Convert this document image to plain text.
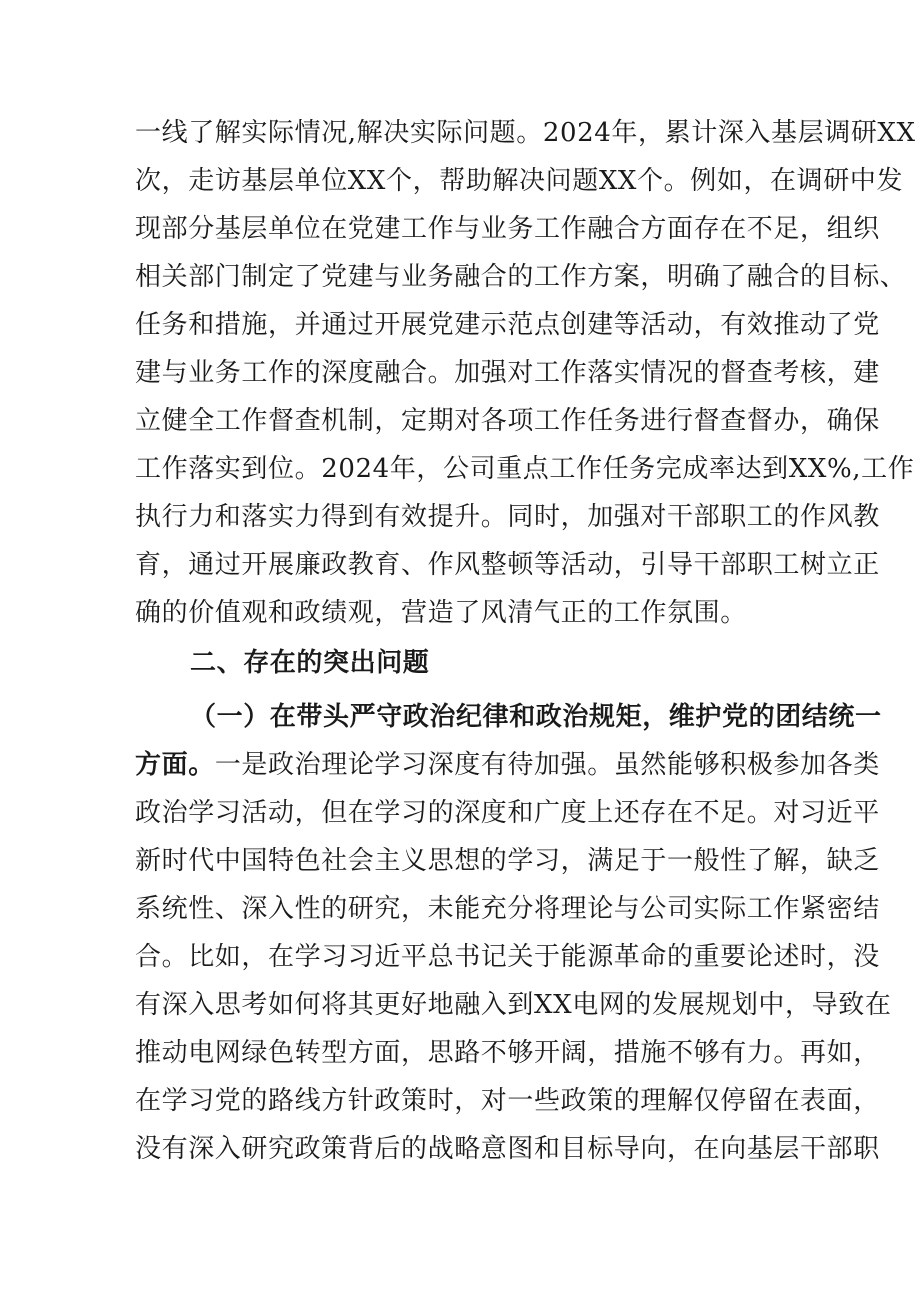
一线了解实际情况,解决实际问题。2024年，累计深入基层调研XX
次，走访基层单位XX个，帮助解决问题XX个。例如，在调研中发
现部分基层单位在党建工作与业务工作融合方面存在不足，组织
相关部门制定了党建与业务融合的工作方案，明确了融合的目标、
任务和措施，并通过开展党建示范点创建等活动，有效推动了党
建与业务工作的深度融合。加强对工作落实情况的督查考核，建
立健全工作督查机制，定期对各项工作任务进行督查督办，确保
工作落实到位。2024年，公司重点工作任务完成率达到XX%,工作
执行力和落实力得到有效提升。同时，加强对干部职工的作风教
育，通过开展廉政教育、作风整顿等活动，引导干部职工树立正
确的价值观和政绩观，营造了风清气正的工作氛围。
二、存在的突出问题
（一）在带头严守政治纪律和政治规矩，维护党的团结统一
方面。一是政治理论学习深度有待加强。虽然能够积极参加各类
政治学习活动，但在学习的深度和广度上还存在不足。对习近平
新时代中国特色社会主义思想的学习，满足于一般性了解，缺乏
系统性、深入性的研究，未能充分将理论与公司实际工作紧密结
合。比如，在学习习近平总书记关于能源革命的重要论述时，没
有深入思考如何将其更好地融入到XX电网的发展规划中，导致在
推动电网绿色转型方面，思路不够开阔，措施不够有力。再如，
在学习党的路线方针政策时，对一些政策的理解仅停留在表面，
没有深入研究政策背后的战略意图和目标导向，在向基层干部职
